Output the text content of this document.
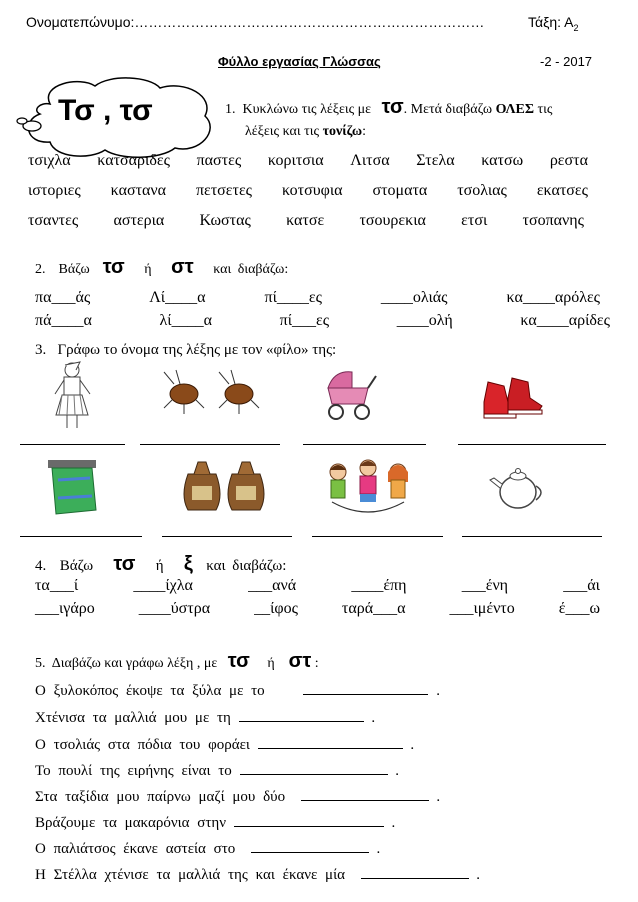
Ονοματεπώνυμο:…………………………………………………………………	Τάξη: $A_2$
Φύλλο εργασίας Γλώσσας	-2 - 2017
Τσ , τσ	1. Κυκλώνω τις λέξεις με τσ. Μετά διαβάζω ΟΛΕΣ τις
λέξεις και τις τονίζω:
τσιχλα κατσαριδες παστες κοριτσια Λιτσα Στελα κατσω ρεστα
ιστοριες καστανα πετσετες κοτσυφια στοματα τσολιας εκατσες
τσαντες αστερια Κωστας κατσε τσουρεκια ετσι τσοπανης
2. Βάζω τσ ή στ και διαβάζω:
πα___άς	Λί____α	πί____ες	____ολιάς	κα____αρόλες
πά____α	λί____α	πί___ες	____ολή	κα____αρίδες
3. Γράφω το όνομα της λέξης με τον «φίλο» της:
4. Βάζω τσ ή ξ και διαβάζω:
τα___ί	____ίχλα	___ανά	____έπη	___ένη	___άι
___ιγάρο	____ύστρα	__ίφος	ταρά___α	___ιμέντο	έ___ω
5. Διαβάζω και γράφω λέξη , με τσ ή στ :
Ο ξυλοκόπος έκοψε τα ξύλα με το	.
Χτένισα τα μαλλιά μου με τη	.
Ο τσολιάς στα πόδια του φοράει	.
Το πουλί της ειρήνης είναι το	.
Στα ταξίδια μου παίρνω μαζί μου δύο	.
Βράζουμε τα μακαρόνια στην	.
Ο παλιάτσος έκανε αστεία στο	.
Η Στέλλα χτένισε τα μαλλιά της και έκανε μία	.
